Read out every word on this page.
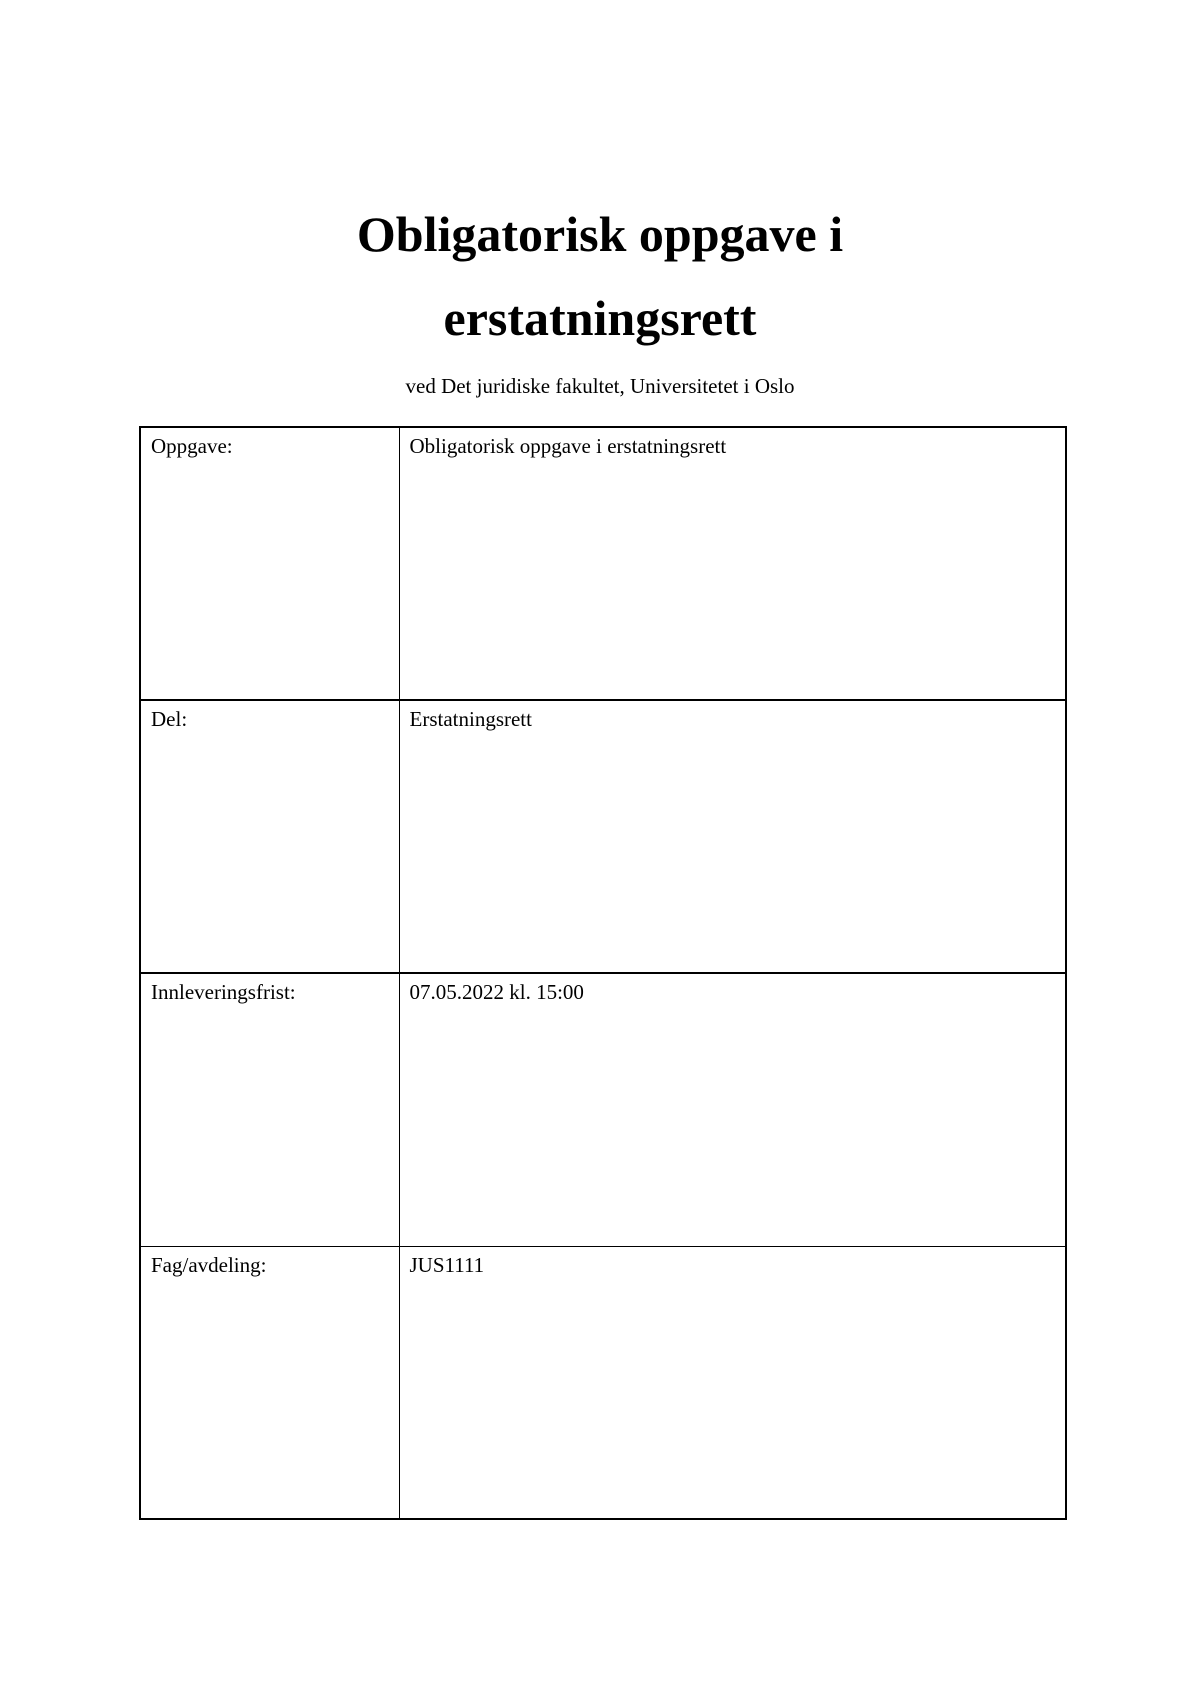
Obligatorisk oppgave i
erstatningsrett

ved Det juridiske fakultet, Universitetet i Oslo

Oppgave:	Obligatorisk oppgave i erstatningsrett
Del:	Erstatningsrett
Innleveringsfrist:	07.05.2022 kl. 15:00
Fag/avdeling:	JUS1111
